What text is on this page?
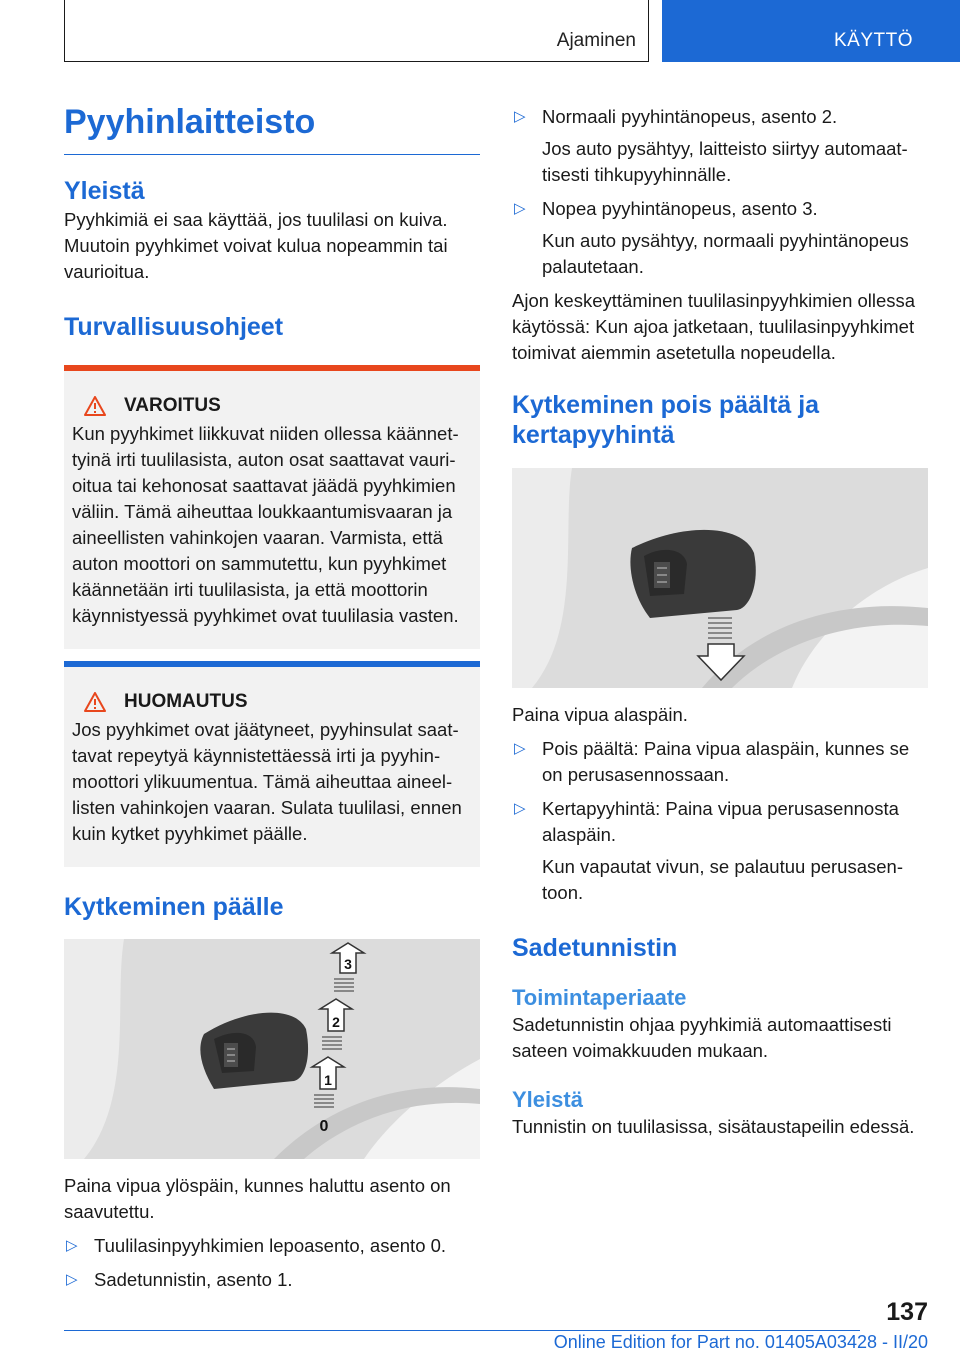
Ajaminen	KÄYTTÖ
Pyyhinlaitteisto
Yleistä

Pyyhkimiä ei saa käyttää, jos tuulilasi on kuiva. Muutoin pyyhkimet voivat kulua nopeammin tai vaurioitua.

Turvallisuusohjeet
VAROITUS

Kun pyyhkimet liikkuvat niiden ollessa käännettyinä irti tuulilasista, auton osat saattavat vaurioitua tai kehonosat saattavat jäädä pyyhkimien väliin. Tämä aiheuttaa loukkaantumisvaaran ja aineellisten vahinkojen vaaran. Varmista, että auton moottori on sammutettu, kun pyyhkimet käännetään irti tuulilasista, ja että moottorin käynnistyessä pyyhkimet ovat tuulilasia vasten.

HUOMAUTUS

Jos pyyhkimet ovat jäätyneet, pyyhinsulat saattavat repeytyä käynnistettäessä irti ja pyyhinmoottori ylikuumentua. Tämä aiheuttaa aineellisten vahinkojen vaaran. Sulata tuulilasi, ennen kuin kytket pyyhkimet päälle.

Kytkeminen päälle
3
2
1
0

Paina vipua ylöspäin, kunnes haluttu asento on saavutettu.

▷ Tuulilasinpyyhkimien lepoasento, asento 0.
▷ Sadetunnistin, asento 1.
▷ Normaali pyyhintänopeus, asento 2.
Jos auto pysähtyy, laitteisto siirtyy automaattisesti tihkupyyhinnälle.
▷ Nopea pyyhintänopeus, asento 3.
Kun auto pysähtyy, normaali pyyhintänopeus palautetaan.

Ajon keskeyttäminen tuulilasinpyyhkimien ollessa käytössä: Kun ajoa jatketaan, tuulilasinpyyhkimet toimivat aiemmin asetetulla nopeudella.

Kytkeminen pois päältä ja kertapyyhintä

Paina vipua alaspäin.

▷ Pois päältä: Paina vipua alaspäin, kunnes se on perusasennossaan.
▷ Kertapyyhintä: Paina vipua perusasennosta alaspäin.
Kun vapautat vivun, se palautuu perusasentoon.
Sadetunnistin
Toimintaperiaate

Sadetunnistin ohjaa pyyhkimiä automaattisesti sateen voimakkuuden mukaan.

Yleistä

Tunnistin on tuulilasissa, sisätaustapeilin edessä.

137
Online Edition for Part no. 01405A03428 - II/20
